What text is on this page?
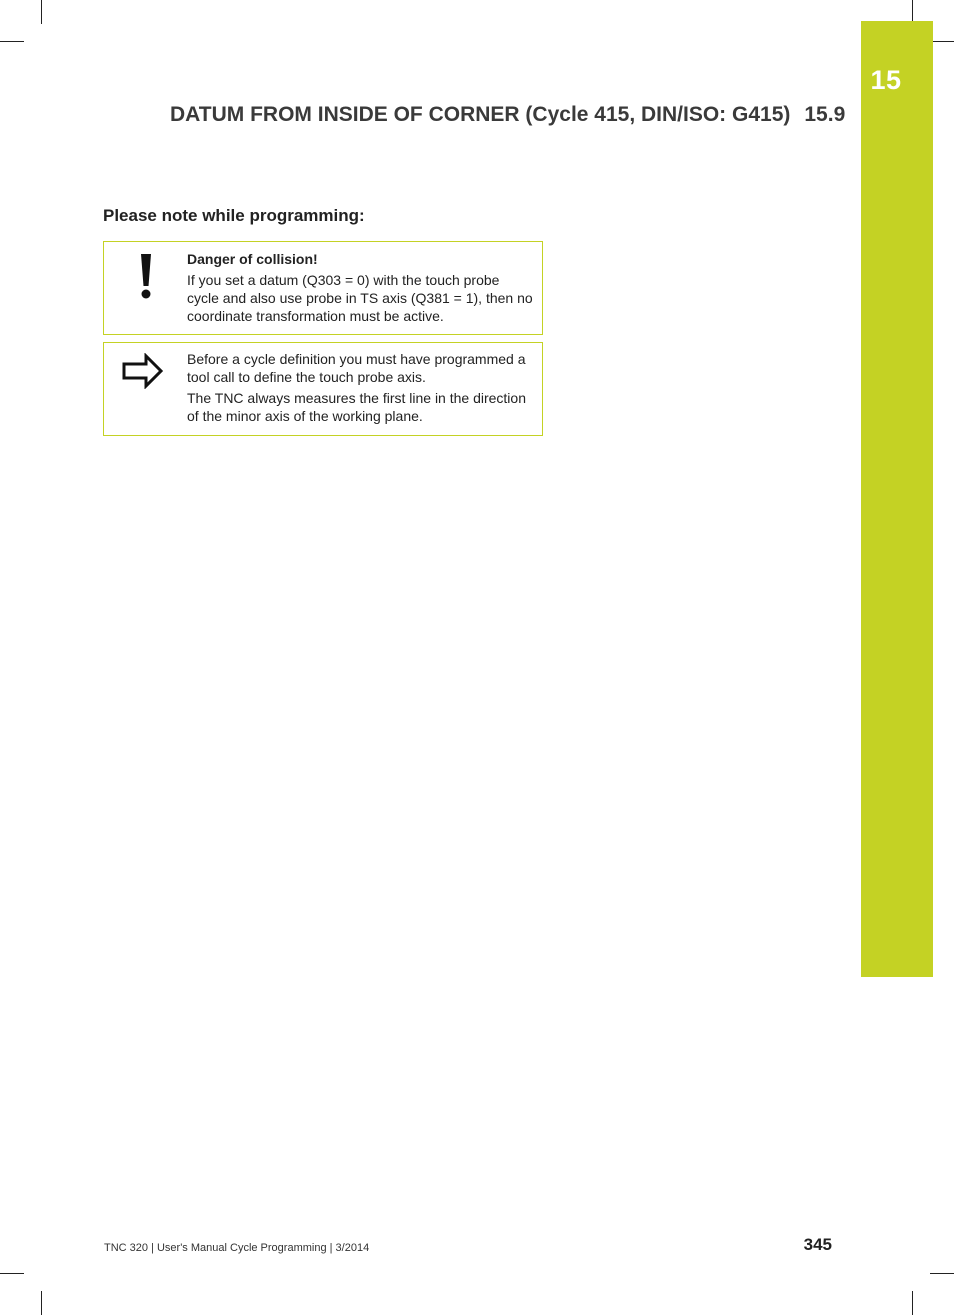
15
DATUM FROM INSIDE OF CORNER (Cycle 415, DIN/ISO: G415) 15.9
Please note while programming:

Danger of collision!

If you set a datum (Q303 = 0) with the touch probe cycle and also use probe in TS axis (Q381 = 1), then no coordinate transformation must be active.

Before a cycle definition you must have programmed a tool call to define the touch probe axis.

The TNC always measures the first line in the direction of the minor axis of the working plane.

TNC 320 | User's Manual Cycle Programming | 3/2014	345
